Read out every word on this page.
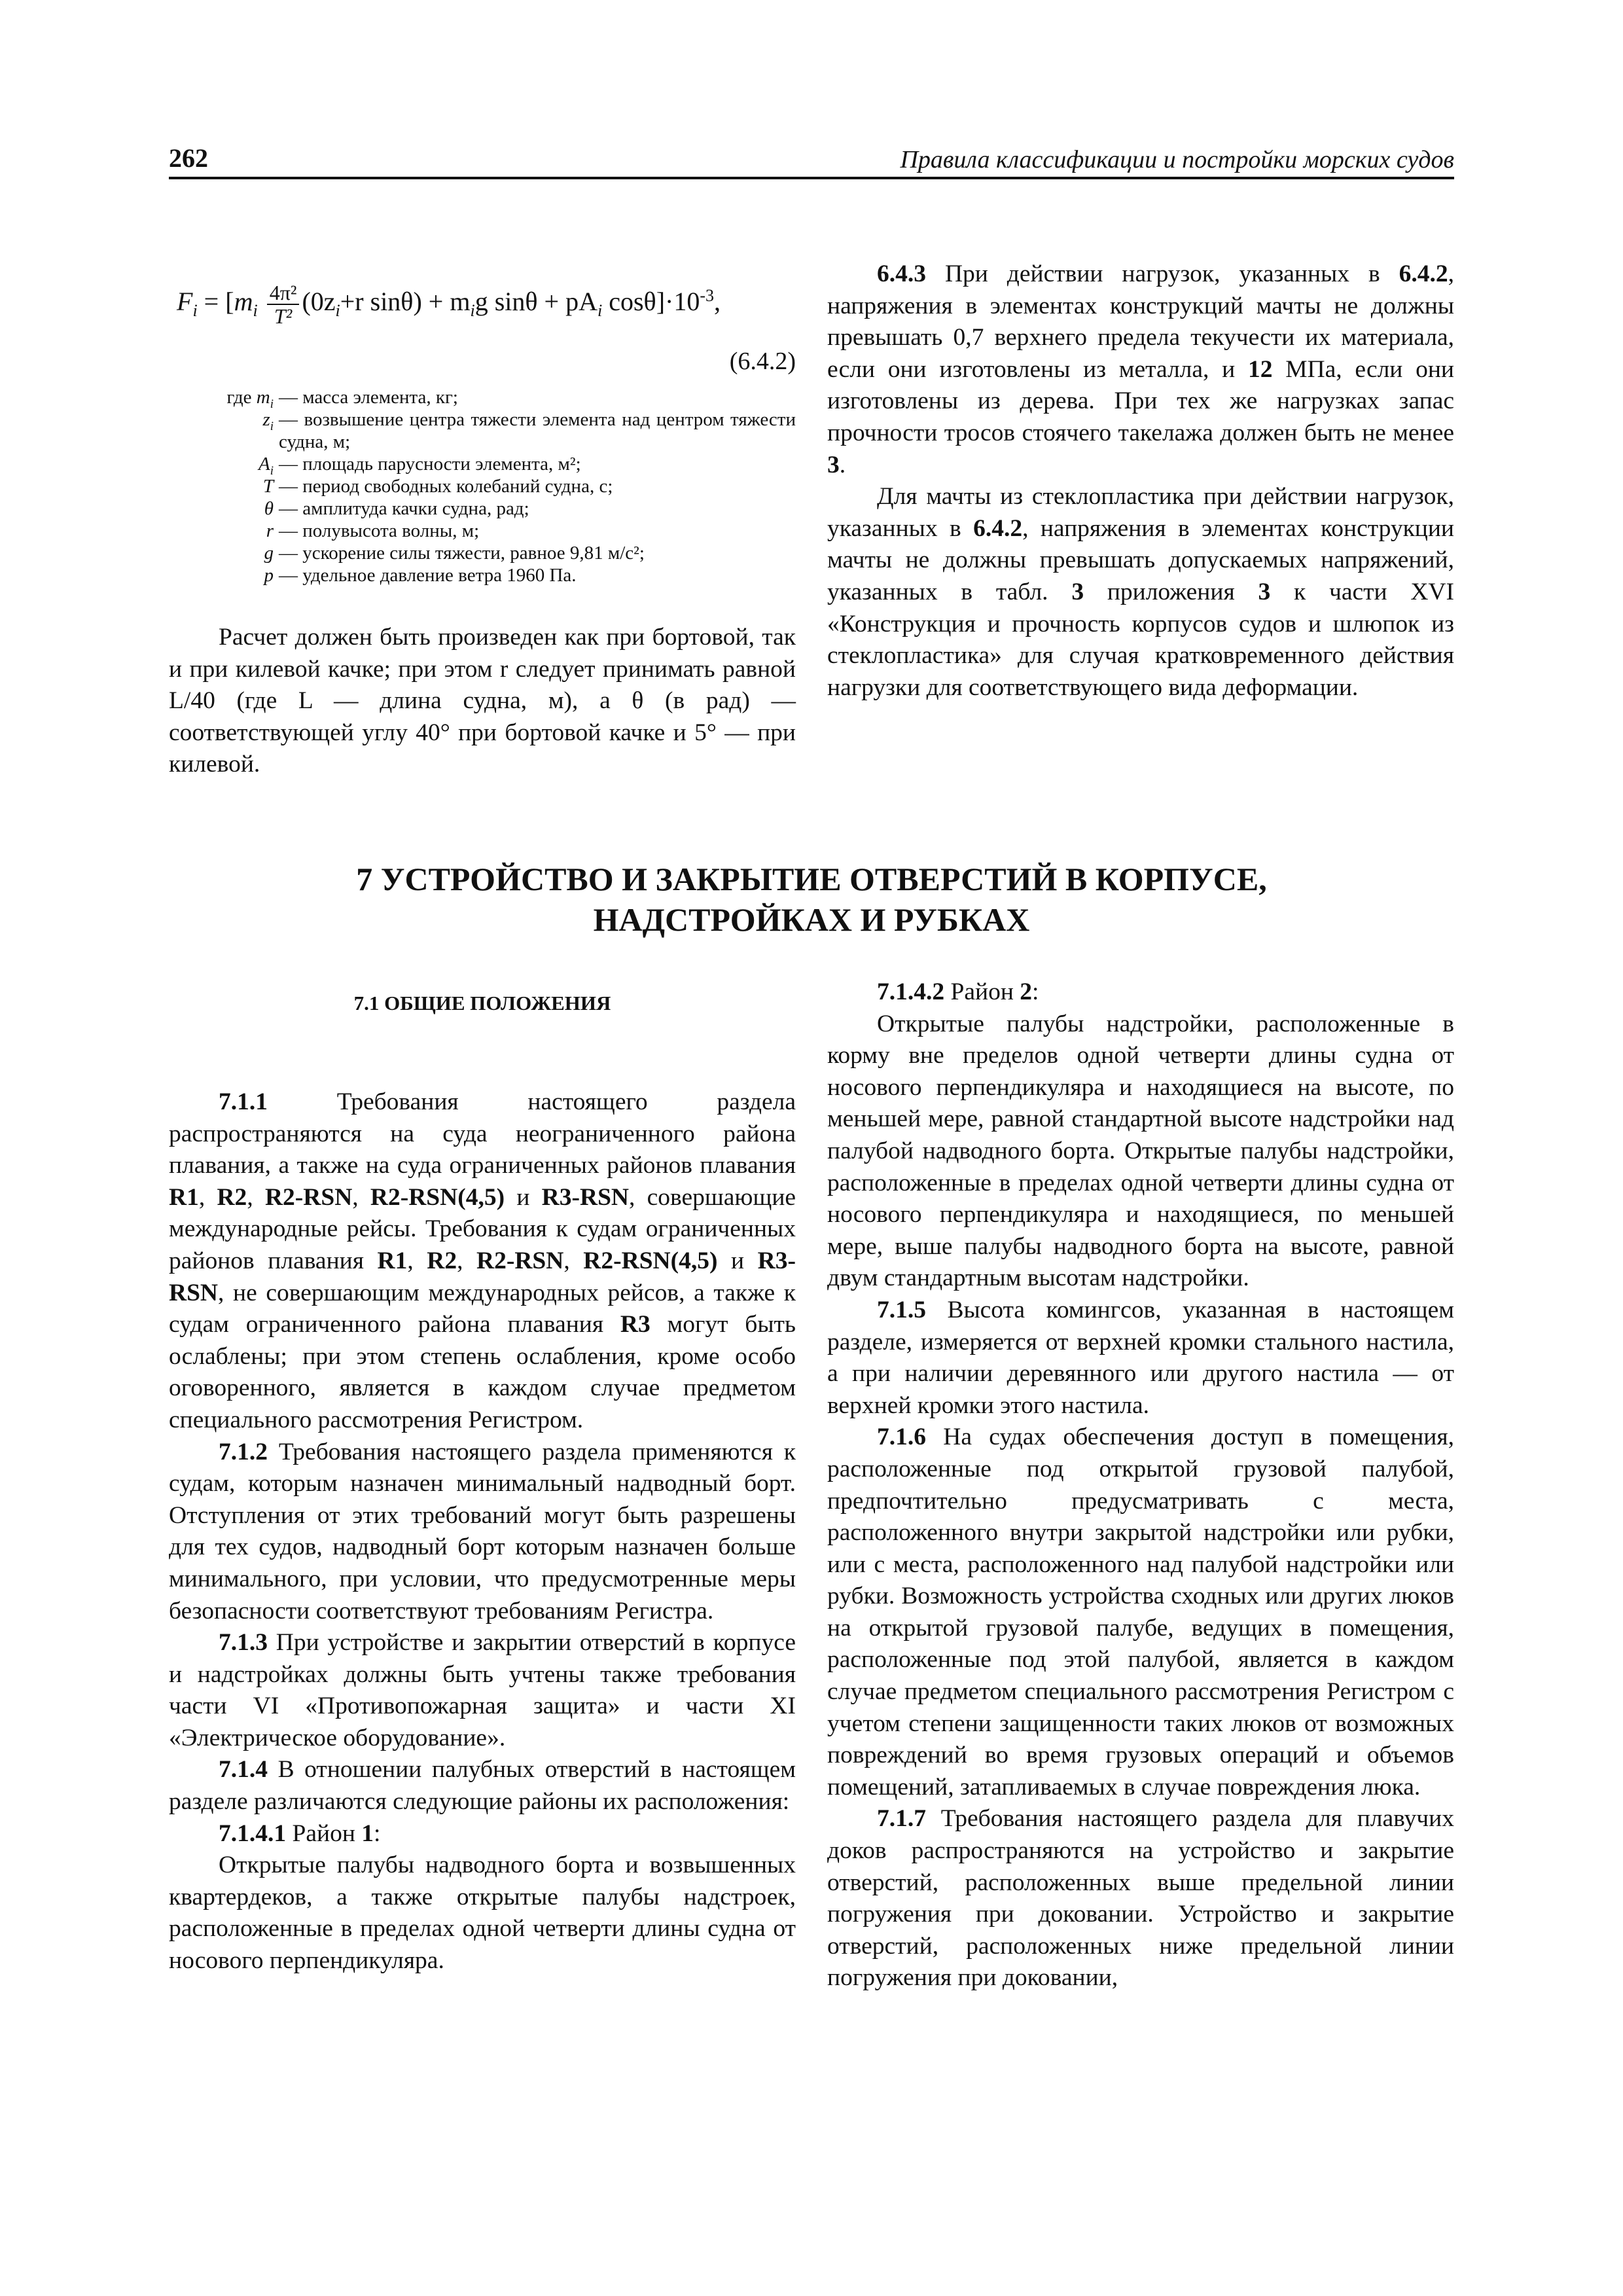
262	Правила классификации и постройки морских судов
$F_i = [m_i \frac{\text{4π²}}{\text{T²}} (0z_i+r$ $\sin\theta) + m_ig$ $\sin\theta + pA_i$ $\cos\theta]\cdot 10^{-3}$,
(6.4.2)
где $m_i$ — масса элемента, кг;
$z_i$ — возвышение центра тяжести элемента над центром тяжести судна, м;
$A_i$ — площадь парусности элемента, м²;
T — период свободных колебаний судна, с;
θ — амплитуда качки судна, рад;
r — полувысота волны, м;
g — ускорение силы тяжести, равное 9,81 м/с²;
p — удельное давление ветра 1960 Па.

Расчет должен быть произведен как при бортовой, так и при килевой качке; при этом r следует принимать равной L/40 (где L — длина судна, м), а θ (в рад) — соответствующей углу 40° при бортовой качке и 5° — при килевой.

6.4.3 При действии нагрузок, указанных в 6.4.2, напряжения в элементах конструкций мачты не должны превышать 0,7 верхнего предела текучести их материала, если они изготовлены из металла, и 12 МПа, если они изготовлены из дерева. При тех же нагрузках запас прочности тросов стоячего такелажа должен быть не менее 3.

Для мачты из стеклопластика при действии нагрузок, указанных в 6.4.2, напряжения в элементах конструкции мачты не должны превышать допускаемых напряжений, указанных в табл. 3 приложения 3 к части XVI «Конструкция и прочность корпусов судов и шлюпок из стеклопластика» для случая кратковременного действия нагрузки для соответствующего вида деформации.

7 УСТРОЙСТВО И ЗАКРЫТИЕ ОТВЕРСТИЙ В КОРПУСЕ,
НАДСТРОЙКАХ И РУБКАХ
7.1 ОБЩИЕ ПОЛОЖЕНИЯ

7.1.1 Требования настоящего раздела распространяются на суда неограниченного района плавания, а также на суда ограниченных районов плавания R1, R2, R2-RSN, R2-RSN(4,5) и R3-RSN, совершающие международные рейсы. Требования к судам ограниченных районов плавания R1, R2, R2-RSN, R2-RSN(4,5) и R3-RSN, не совершающим международных рейсов, а также к судам ограниченного района плавания R3 могут быть ослаблены; при этом степень ослабления, кроме особо оговоренного, является в каждом случае предметом специального рассмотрения Регистром.

7.1.2 Требования настоящего раздела применяются к судам, которым назначен минимальный надводный борт. Отступления от этих требований могут быть разрешены для тех судов, надводный борт которым назначен больше минимального, при условии, что предусмотренные меры безопасности соответствуют требованиям Регистра.

7.1.3 При устройстве и закрытии отверстий в корпусе и надстройках должны быть учтены также требования части VI «Противопожарная защита» и части XI «Электрическое оборудование».

7.1.4 В отношении палубных отверстий в настоящем разделе различаются следующие районы их расположения:

7.1.4.1 Район 1:

Открытые палубы надводного борта и возвышенных квартердеков, а также открытые палубы надстроек, расположенные в пределах одной четверти длины судна от носового перпендикуляра.

7.1.4.2 Район 2:

Открытые палубы надстройки, расположенные в корму вне пределов одной четверти длины судна от носового перпендикуляра и находящиеся на высоте, по меньшей мере, равной стандартной высоте надстройки над палубой надводного борта. Открытые палубы надстройки, расположенные в пределах одной четверти длины судна от носового перпендикуляра и находящиеся, по меньшей мере, выше палубы надводного борта на высоте, равной двум стандартным высотам надстройки.

7.1.5 Высота комингсов, указанная в настоящем разделе, измеряется от верхней кромки стального настила, а при наличии деревянного или другого настила — от верхней кромки этого настила.

7.1.6 На судах обеспечения доступ в помещения, расположенные под открытой грузовой палубой, предпочтительно предусматривать с места, расположенного внутри закрытой надстройки или рубки, или с места, расположенного над палубой надстройки или рубки. Возможность устройства сходных или других люков на открытой грузовой палубе, ведущих в помещения, расположенные под этой палубой, является в каждом случае предметом специального рассмотрения Регистром с учетом степени защищенности таких люков от возможных повреждений во время грузовых операций и объемов помещений, затапливаемых в случае повреждения люка.

7.1.7 Требования настоящего раздела для плавучих доков распространяются на устройство и закрытие отверстий, расположенных выше предельной линии погружения при доковании. Устройство и закрытие отверстий, расположенных ниже предельной линии погружения при доковании,
